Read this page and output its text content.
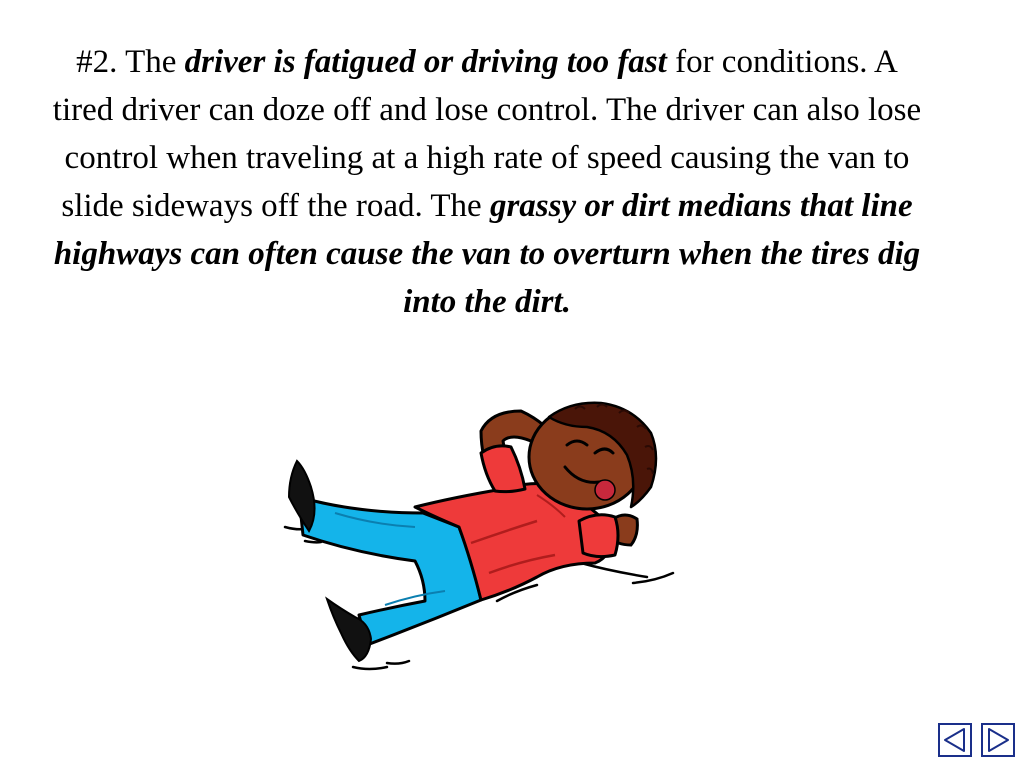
#2. The driver is fatigued or driving too fast for conditions. A tired driver can doze off and lose control. The driver can also lose control when traveling at a high rate of speed causing the van to slide sideways off the road. The grassy or dirt medians that line highways can often cause the van to overturn when the tires dig into the dirt.
